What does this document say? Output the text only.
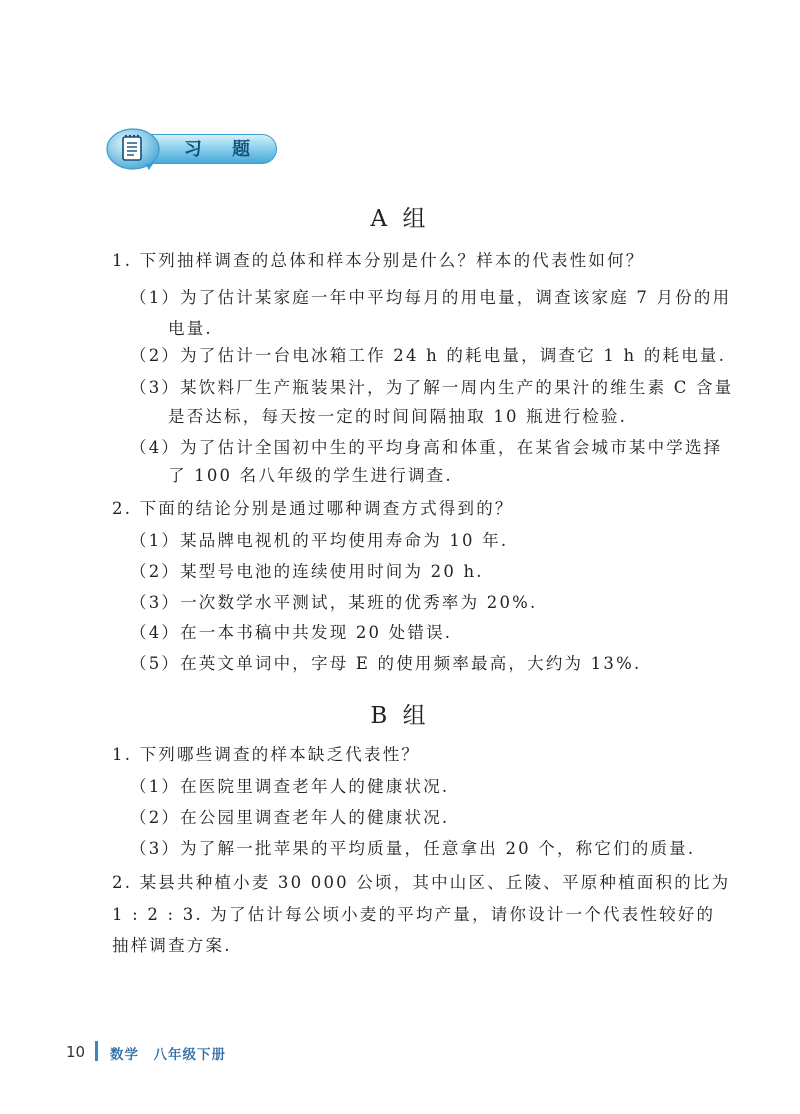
习 题
A 组
1. 下列抽样调查的总体和样本分别是什么？样本的代表性如何？
（1）为了估计某家庭一年中平均每月的用电量，调查该家庭 7 月份的用
电量.
（2）为了估计一台电冰箱工作 24 h 的耗电量，调查它 1 h 的耗电量.
（3）某饮料厂生产瓶装果汁，为了解一周内生产的果汁的维生素 C 含量
是否达标，每天按一定的时间间隔抽取 10 瓶进行检验.
（4）为了估计全国初中生的平均身高和体重，在某省会城市某中学选择
了 100 名八年级的学生进行调查.
2. 下面的结论分别是通过哪种调查方式得到的？
（1）某品牌电视机的平均使用寿命为 10 年.
（2）某型号电池的连续使用时间为 20 h.
（3）一次数学水平测试，某班的优秀率为 20%.
（4）在一本书稿中共发现 20 处错误.
（5）在英文单词中，字母 E 的使用频率最高，大约为 13%.
B 组
1. 下列哪些调查的样本缺乏代表性？
（1）在医院里调查老年人的健康状况.
（2）在公园里调查老年人的健康状况.
（3）为了解一批苹果的平均质量，任意拿出 20 个，称它们的质量.
2. 某县共种植小麦 30 000 公顷，其中山区、丘陵、平原种植面积的比为
1 : 2 : 3. 为了估计每公顷小麦的平均产量，请你设计一个代表性较好的
抽样调查方案.
10 数学　八年级下册
